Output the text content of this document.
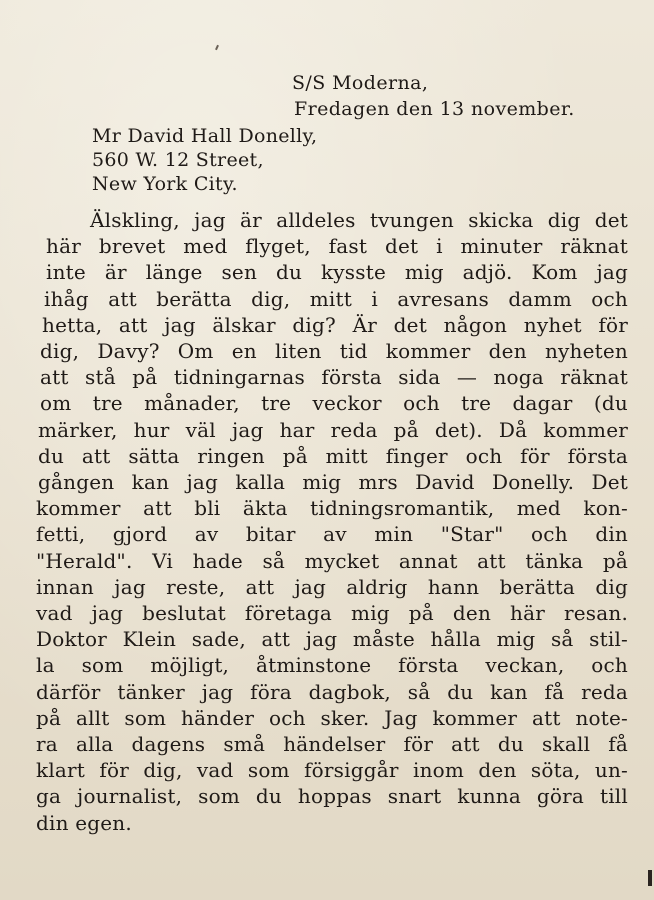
S/S Moderna,
Fredagen den 13 november.
Mr David Hall Donelly,
560 W. 12 Street,
New York City.
Älskling, jag är alldeles tvungen skicka dig det
här brevet med flyget, fast det i minuter räknat
inte är länge sen du kysste mig adjö. Kom jag
ihåg att berätta dig, mitt i avresans damm och
hetta, att jag älskar dig? Är det någon nyhet för
dig, Davy? Om en liten tid kommer den nyheten
att stå på tidningarnas första sida — noga räknat
om tre månader, tre veckor och tre dagar (du
märker, hur väl jag har reda på det). Då kommer
du att sätta ringen på mitt finger och för första
gången kan jag kalla mig mrs David Donelly. Det
kommer att bli äkta tidningsromantik, med kon-
fetti, gjord av bitar av min "Star" och din
"Herald". Vi hade så mycket annat att tänka på
innan jag reste, att jag aldrig hann berätta dig
vad jag beslutat företaga mig på den här resan.
Doktor Klein sade, att jag måste hålla mig så stil-
la som möjligt, åtminstone första veckan, och
därför tänker jag föra dagbok, så du kan få reda
på allt som händer och sker. Jag kommer att note-
ra alla dagens små händelser för att du skall få
klart för dig, vad som försiggår inom den söta, un-
ga journalist, som du hoppas snart kunna göra till
din egen.
